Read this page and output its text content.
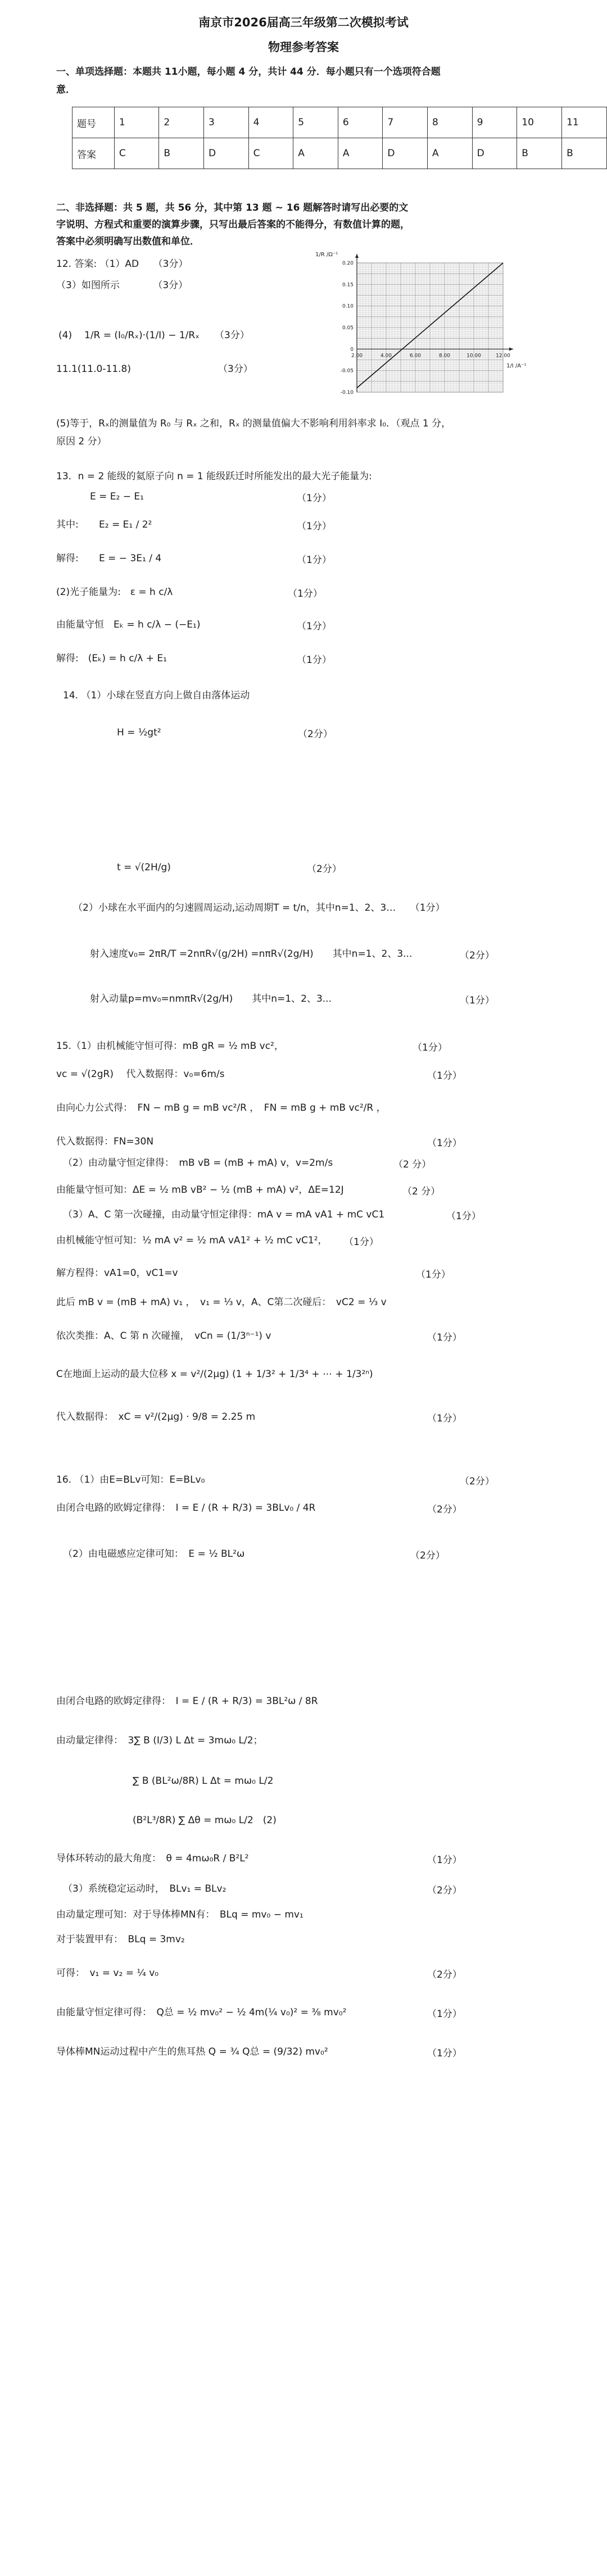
南京市2026届高三年级第二次模拟考试
物理参考答案
一、单项选择题：本题共 11小题，每小题 4 分，共计 44 分．每小题只有一个选项符合题
意．
题号	1	2	3	4	5	6	7	8	9	10	11
答案	C	B	D	C	A	A	D	A	D	B	B
二、非选择题：共 5 题，共 56 分，其中第 13 题 ~ 16 题解答时请写出必要的文
字说明、方程式和重要的演算步骤，只写出最后答案的不能得分，有数值计算的题，
答案中必须明确写出数值和单位．
12. 答案: （1）AD　　（3分）
（3）如图所示　　　　（3分）
(4) 1/R = (I₀/Rₓ)·(1/I) − 1/Rₓ （3分）
11.1(11.0-11.8)	（3分）
0.20
0.15
0.10
0.05
0
-0.05
-0.10
2.00	4.00	6.00	8.00	10.00	12.00
1/R /Ω⁻¹
1/I /A⁻¹
(5)等于，Rₓ的测量值为 R₀ 与 Rₓ 之和，Rₓ 的测量值偏大不影响利用斜率求 I₀．（观点 1 分，
原因 2 分）
13．n = 2 能级的氦原子向 n = 1 能级跃迁时所能发出的最大光子能量为:
E = E₂ − E₁	（1分）
其中: E₂ = E₁ / 2²	（1分）
解得: E = − 3E₁ / 4	（1分）
(2)光子能量为:　ε = h c/λ	（1分）
由能量守恒　Eₖ = h c/λ − (−E₁)	（1分）
解得:　(Eₖ) = h c/λ + E₁	（1分）
14. （1）小球在竖直方向上做自由落体运动
H = ½gt²	（2分）
t = √(2H/g)	（2分）
（2）小球在水平面内的匀速圆周运动,运动周期T = t/n，其中n=1、2、3…　　（1分）
射入速度v₀= 2πR/T =2nπR√(g/2H) =nπR√(2g/H)　　其中n=1、2、3...	（2分）
射入动量p=mv₀=nmπR√(2g/H)　　其中n=1、2、3...	（1分）
15.（1）由机械能守恒可得：mB gR = ½ mB vc²，	（1分）
vc = √(2gR)　 代入数据得：v₀=6m/s	（1分）
由向心力公式得：　FN − mB g = mB vc²/R ，　FN = mB g + mB vc²/R ，
代入数据得：FN=30N	（1分）
（2）由动量守恒定律得：　mB vB = (mB + mA) v，v=2m/s	（2 分）
由能量守恒可知：ΔE = ½ mB vB² − ½ (mB + mA) v²，ΔE=12J	（2 分）
（3）A、C 第一次碰撞，由动量守恒定律得：mA v = mA vA1 + mC vC1	（1分）
由机械能守恒可知：½ mA v² = ½ mA vA1² + ½ mC vC1²， （1分）
解方程得：vA1=0，vC1=v	（1分）
此后 mB v = (mB + mA) v₁ ，　v₁ = ⅓ v，A、C第二次碰后：　vC2 = ⅓ v
依次类推：A、C 第 n 次碰撞，　vCn = (1/3ⁿ⁻¹) v	（1分）
C在地面上运动的最大位移 x = v²/(2μg) (1 + 1/3² + 1/3⁴ + ⋯ + 1/3²ⁿ)
代入数据得：　xC = v²/(2μg) · 9/8 = 2.25 m	（1分）
16. （1）由E=BLv可知：E=BLv₀	（2分）
由闭合电路的欧姆定律得：　I = E / (R + R/3) = 3BLv₀ / 4R	（2分）
（2）由电磁感应定律可知：　E = ½ BL²ω	（2分）
由闭合电路的欧姆定律得：　I = E / (R + R/3) = 3BL²ω / 8R
由动量定律得：　3∑ B (I/3) L Δt = 3mω₀ L/2；
∑ B (BL²ω/8R) L Δt = mω₀ L/2
(B²L³/8R) ∑ Δθ = mω₀ L/2　(2)
导体环转动的最大角度：　θ = 4mω₀R / B²L²	（1分）
（3）系统稳定运动时，　BLv₁ = BLv₂	（2分）
由动量定理可知：对于导体棒MN有：　BLq = mv₀ − mv₁
对于装置甲有：　BLq = 3mv₂
可得：　v₁ = v₂ = ¼ v₀	（2分）
由能量守恒定律可得：　Q总 = ½ mv₀² − ½ 4m(¼ v₀)² = ⅜ mv₀²	（1分）
导体棒MN运动过程中产生的焦耳热 Q = ¾ Q总 = (9/32) mv₀²	（1分）
